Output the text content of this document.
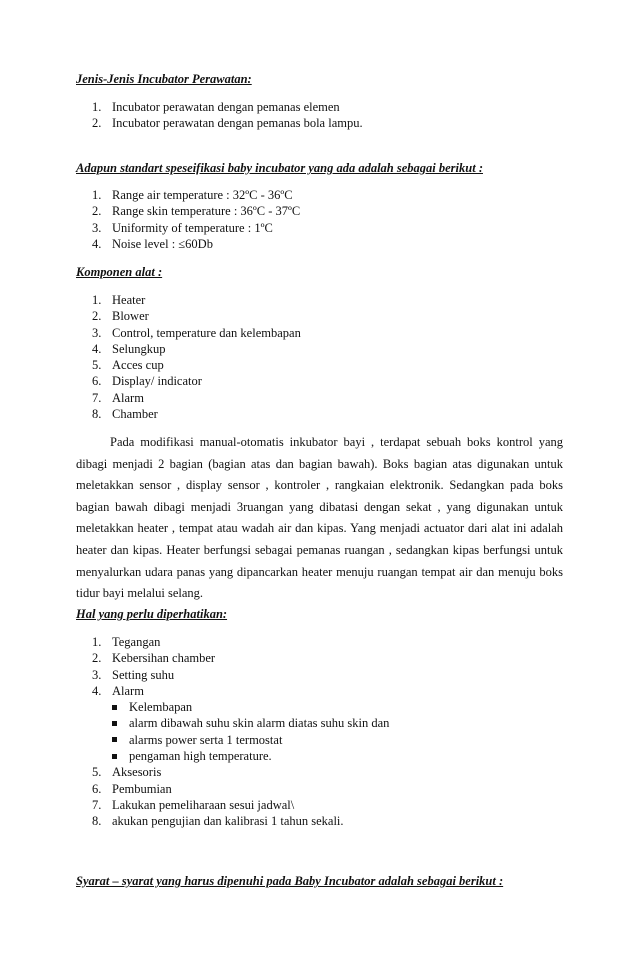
Jenis-Jenis Incubator Perawatan:
1. Incubator perawatan dengan pemanas elemen
2. Incubator perawatan dengan pemanas bola lampu.
Adapun standart speseifikasi baby incubator yang ada adalah sebagai berikut :
1. Range air temperature : 32ºC - 36ºC
2. Range skin temperature : 36ºC - 37ºC
3. Uniformity of temperature : 1ºC
4. Noise level : ≤60Db
Komponen alat :
1. Heater
2. Blower
3. Control, temperature dan kelembapan
4. Selungkup
5. Acces cup
6. Display/ indicator
7. Alarm
8. Chamber

Pada modifikasi manual-otomatis inkubator bayi , terdapat sebuah boks kontrol yang dibagi menjadi 2 bagian (bagian atas dan bagian bawah). Boks bagian atas digunakan untuk meletakkan sensor , display sensor , kontroler , rangkaian elektronik. Sedangkan pada boks bagian bawah dibagi menjadi 3ruangan yang dibatasi dengan sekat , yang digunakan untuk meletakkan heater , tempat atau wadah air dan kipas. Yang menjadi actuator dari alat ini adalah heater dan kipas. Heater berfungsi sebagai pemanas ruangan , sedangkan kipas berfungsi untuk menyalurkan udara panas yang dipancarkan heater menuju ruangan tempat air dan menuju boks tidur bayi melalui selang.

Hal yang perlu diperhatikan:
1. Tegangan
2. Kebersihan chamber
3. Setting suhu
4. Alarm
Kelembapan
alarm dibawah suhu skin alarm diatas suhu skin dan
alarms power serta 1 termostat
pengaman high temperature.
5. Aksesoris
6. Pembumian
7. Lakukan pemeliharaan sesui jadwal\
8. akukan pengujian dan kalibrasi 1 tahun sekali.
Syarat – syarat yang harus dipenuhi pada Baby Incubator adalah sebagai berikut :
